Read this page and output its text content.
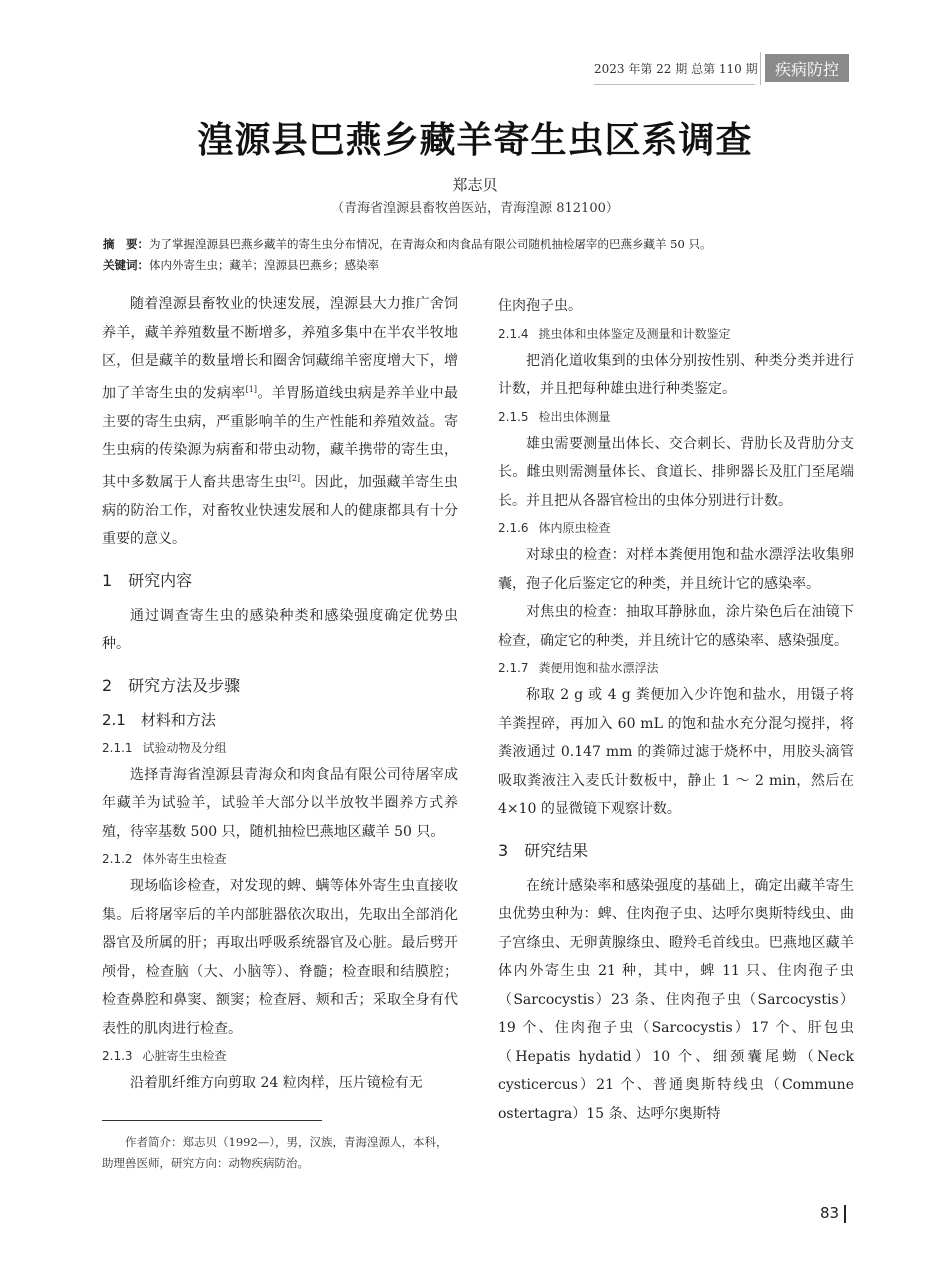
2023 年第 22 期 总第 110 期	疾病防控
湟源县巴燕乡藏羊寄生虫区系调查
郑志贝
（青海省湟源县畜牧兽医站，青海湟源 812100）
摘　要：为了掌握湟源县巴燕乡藏羊的寄生虫分布情况，在青海众和肉食品有限公司随机抽检屠宰的巴燕乡藏羊 50 只。
关键词：体内外寄生虫；藏羊；湟源县巴燕乡；感染率

随着湟源县畜牧业的快速发展，湟源县大力推广舍饲养羊，藏羊养殖数量不断增多，养殖多集中在半农半牧地区，但是藏羊的数量增长和圈舍饲藏绵羊密度增大下，增加了羊寄生虫的发病率[1]。羊胃肠道线虫病是养羊业中最主要的寄生虫病，严重影响羊的生产性能和养殖效益。寄生虫病的传染源为病畜和带虫动物，藏羊携带的寄生虫，其中多数属于人畜共患寄生虫[2]。因此，加强藏羊寄生虫病的防治工作，对畜牧业快速发展和人的健康都具有十分重要的意义。

1　研究内容

通过调查寄生虫的感染种类和感染强度确定优势虫种。

2　研究方法及步骤
2.1　材料和方法
2.1.1 试验动物及分组

选择青海省湟源县青海众和肉食品有限公司待屠宰成年藏羊为试验羊，试验羊大部分以半放牧半圈养方式养殖，待宰基数 500 只，随机抽检巴燕地区藏羊 50 只。

2.1.2 体外寄生虫检查

现场临诊检查，对发现的蜱、螨等体外寄生虫直接收集。后将屠宰后的羊内部脏器依次取出，先取出全部消化器官及所属的肝；再取出呼吸系统器官及心脏。最后劈开颅骨，检查脑（大、小脑等）、脊髓；检查眼和结膜腔；检查鼻腔和鼻窦、额窦；检查唇、颊和舌；采取全身有代表性的肌肉进行检查。

2.1.3 心脏寄生虫检查

沿着肌纤维方向剪取 24 粒肉样，压片镜检有无

住肉孢子虫。

2.1.4 挑虫体和虫体鉴定及测量和计数鉴定

把消化道收集到的虫体分别按性别、种类分类并进行计数，并且把每种雄虫进行种类鉴定。

2.1.5 检出虫体测量

雄虫需要测量出体长、交合刺长、背肋长及背肋分支长。雌虫则需测量体长、食道长、排卵器长及肛门至尾端长。并且把从各器官检出的虫体分别进行计数。

2.1.6 体内原虫检查

对球虫的检查：对样本粪便用饱和盐水漂浮法收集卵囊，孢子化后鉴定它的种类，并且统计它的感染率。

对焦虫的检查：抽取耳静脉血，涂片染色后在油镜下检查，确定它的种类，并且统计它的感染率、感染强度。

2.1.7 粪便用饱和盐水漂浮法

称取 2 g 或 4 g 粪便加入少许饱和盐水，用镊子将羊粪捏碎，再加入 60 mL 的饱和盐水充分混匀搅拌，将粪液通过 0.147 mm 的粪筛过滤于烧杯中，用胶头滴管吸取粪液注入麦氏计数板中，静止 1 ～ 2 min，然后在 4×10 的显微镜下观察计数。

3　研究结果

在统计感染率和感染强度的基础上，确定出藏羊寄生虫优势虫种为：蜱、住肉孢子虫、达呼尔奥斯特线虫、曲子宫绦虫、无卵黄腺绦虫、瞪羚毛首线虫。巴燕地区藏羊体内外寄生虫 21 种，其中，蜱 11 只、住肉孢子虫（Sarcocystis）23 条、住肉孢子虫（Sarcocystis）19 个、住肉孢子虫（Sarcocystis）17 个、肝包虫（Hepatis hydatid）10 个、细颈囊尾蚴（Neck cysticercus）21 个、普通奥斯特线虫（Commune ostertagra）15 条、达呼尔奥斯特

作者简介：郑志贝（1992—），男，汉族，青海湟源人，本科，助理兽医师，研究方向：动物疾病防治。
83
